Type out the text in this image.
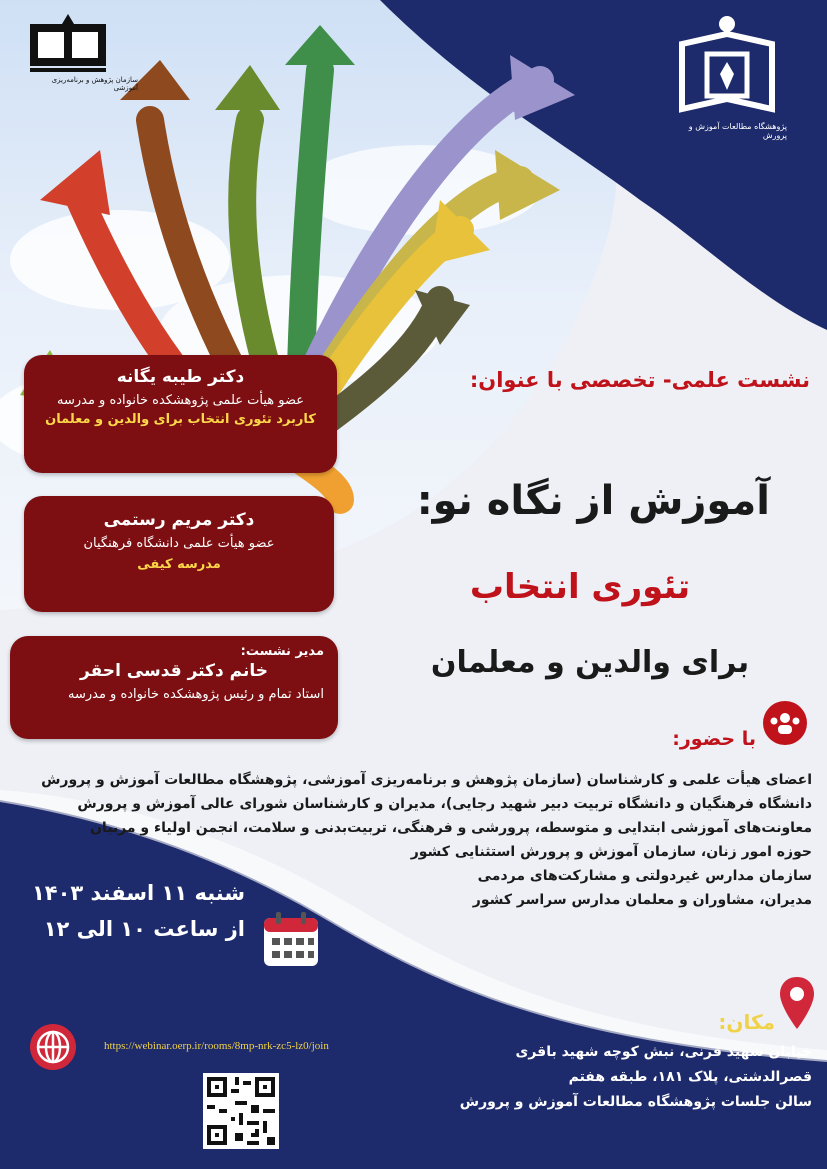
سازمان پژوهش و برنامه‌ریزی آموزشی
پژوهشگاه مطالعات آموزش و پرورش
دکتر طیبه یگانه
عضو هیأت علمی پژوهشکده خانواده و مدرسه
کاربرد تئوری انتخاب برای والدین و معلمان
دکتر مریم رستمی
عضو هیأت علمی دانشگاه فرهنگیان
مدرسه کیفی
مدیر نشست:
خانم دکتر قدسی احقر
استاد تمام و رئیس پژوهشکده خانواده و مدرسه
نشست علمی- تخصصی با عنوان:
آموزش از نگاه نو:
تئوری انتخاب
برای والدین و معلمان
با حضور:
اعضای هیأت علمی و کارشناسان (سازمان پژوهش و برنامه‌ریزی آموزشی، پژوهشگاه مطالعات آموزش و پرورش
دانشگاه فرهنگیان و دانشگاه تربیت دبیر شهید رجایی)، مدیران و کارشناسان شورای عالی آموزش و پرورش
معاونت‌های آموزشی ابتدایی و متوسطه، پرورشی و فرهنگی، تربیت‌بدنی و سلامت، انجمن اولیاء و مربیان
حوزه امور زنان، سازمان آموزش و پرورش استثنایی کشور
سازمان مدارس غیردولتی و مشارکت‌های مردمی
مدیران، مشاوران و معلمان مدارس سراسر کشور
شنبه ۱۱ اسفند ۱۴۰۳
از ساعت ۱۰ الی ۱۲
https://webinar.oerp.ir/rooms/8mp-nrk-zc5-lz0/join
مکان:
خیابان شهید قرنی، نبش کوچه شهید باقری
قصرالدشتی، پلاک ۱۸۱، طبقه هفتم
سالن جلسات پژوهشگاه مطالعات آموزش و پرورش
